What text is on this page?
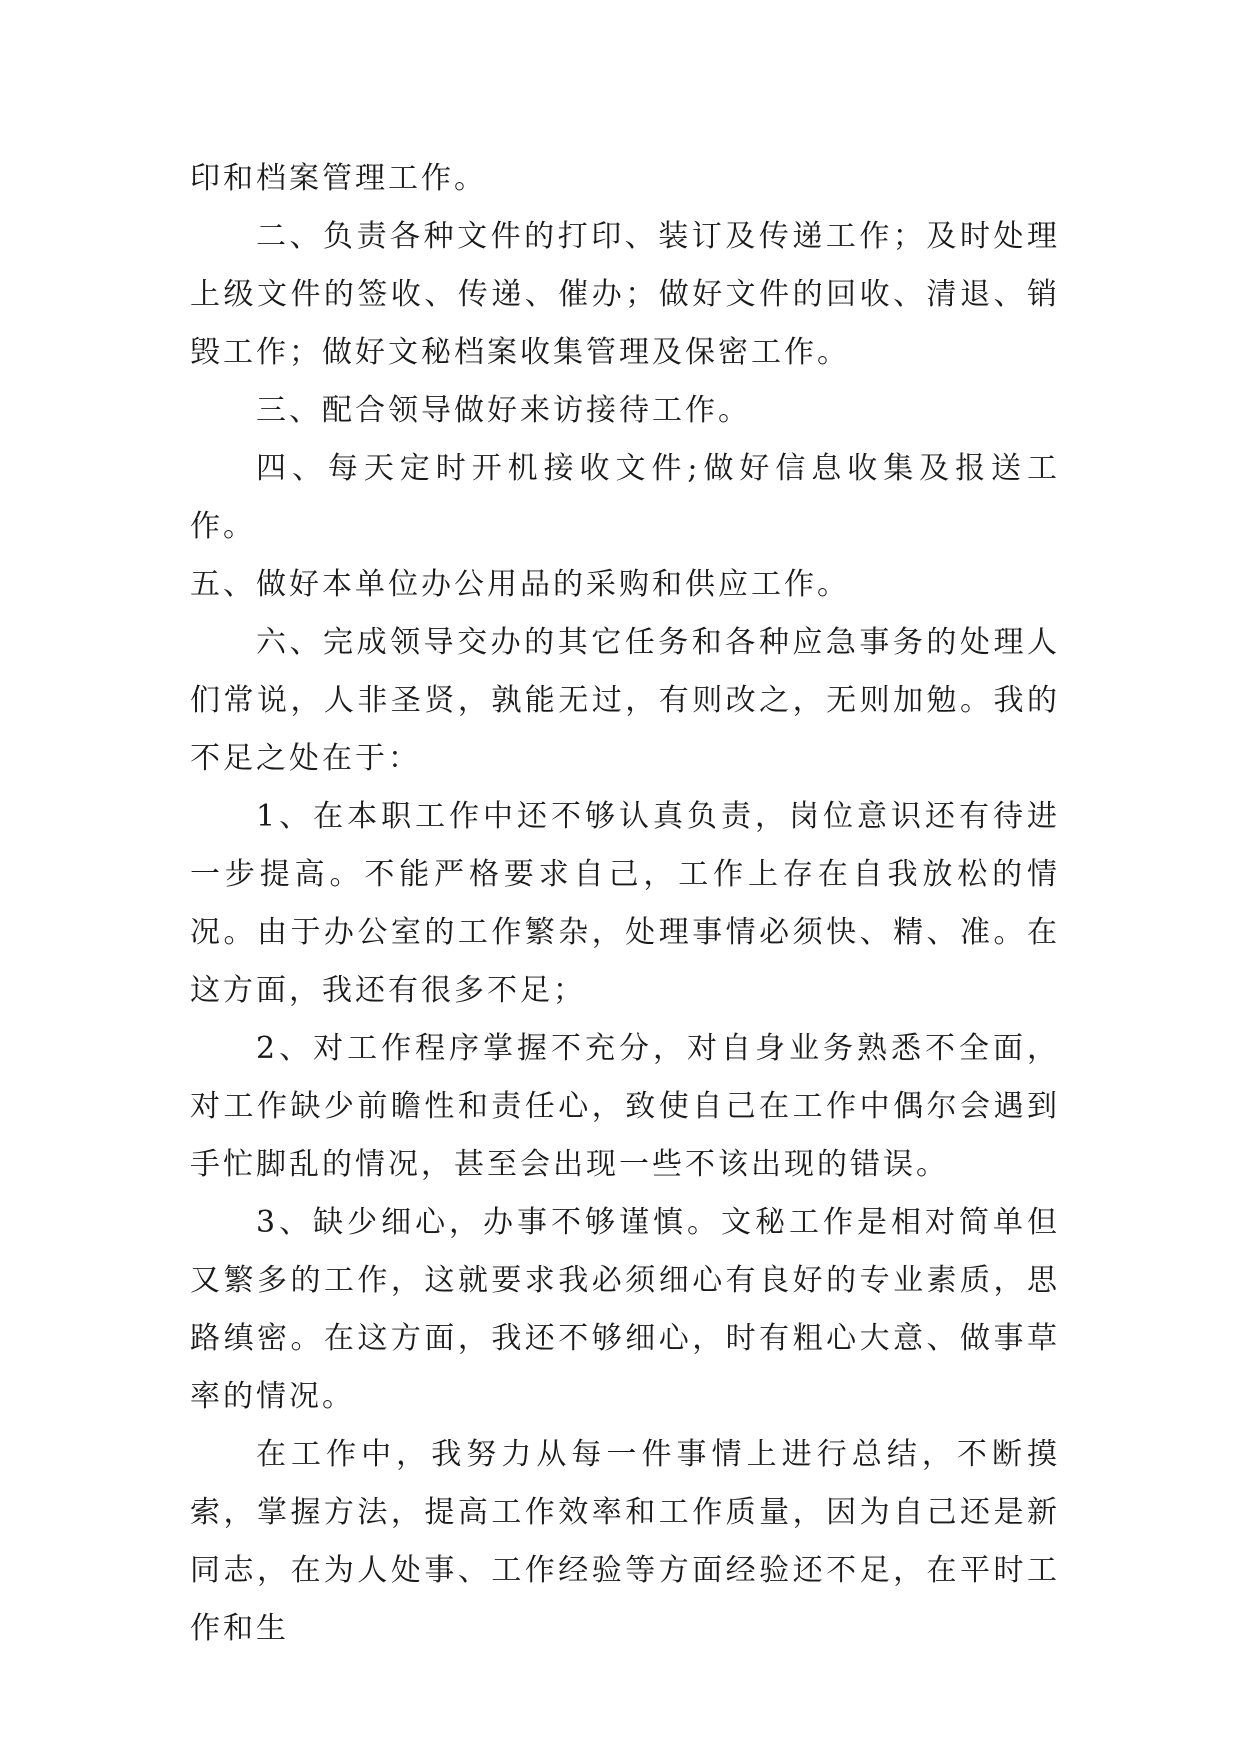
印和档案管理工作。

二、负责各种文件的打印、装订及传递工作；及时处理上级文件的签收、传递、催办；做好文件的回收、清退、销毁工作；做好文秘档案收集管理及保密工作。

三、配合领导做好来访接待工作。

四、每天定时开机接收文件;做好信息收集及报送工作。

五、做好本单位办公用品的采购和供应工作。

六、完成领导交办的其它任务和各种应急事务的处理人们常说，人非圣贤，孰能无过，有则改之，无则加勉。我的不足之处在于：

1、在本职工作中还不够认真负责，岗位意识还有待进一步提高。不能严格要求自己，工作上存在自我放松的情况。由于办公室的工作繁杂，处理事情必须快、精、准。在这方面，我还有很多不足；

2、对工作程序掌握不充分，对自身业务熟悉不全面，对工作缺少前瞻性和责任心，致使自己在工作中偶尔会遇到手忙脚乱的情况，甚至会出现一些不该出现的错误。

3、缺少细心，办事不够谨慎。文秘工作是相对简单但又繁多的工作，这就要求我必须细心有良好的专业素质，思路缜密。在这方面，我还不够细心，时有粗心大意、做事草率的情况。

在工作中，我努力从每一件事情上进行总结，不断摸索，掌握方法，提高工作效率和工作质量，因为自己还是新同志，在为人处事、工作经验等方面经验还不足，在平时工作和生
